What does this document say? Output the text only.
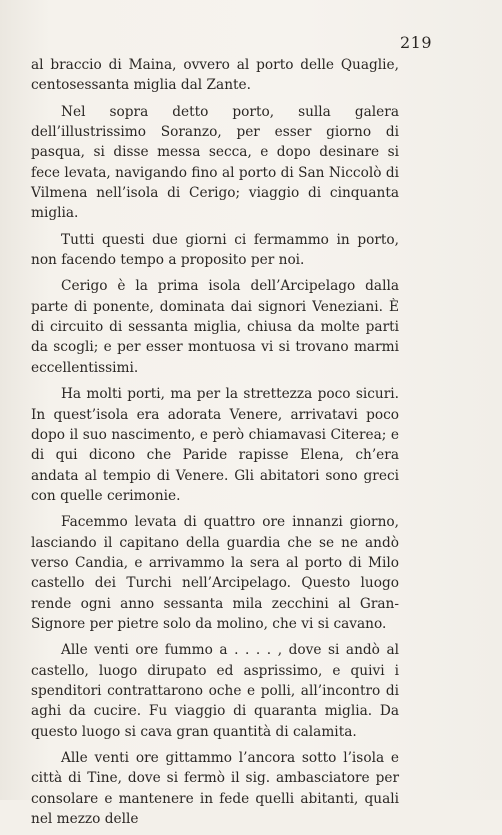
219

al braccio di Maina, ovvero al porto delle Quaglie, centosessanta miglia dal Zante.

Nel sopra detto porto, sulla galera dell’illustrissimo Soranzo, per esser giorno di pasqua, si disse messa secca, e dopo desinare si fece levata, navigando fino al porto di San Niccolò di Vilmena nell’isola di Cerigo; viaggio di cinquanta miglia.

Tutti questi due giorni ci fermammo in porto, non facendo tempo a proposito per noi.

Cerigo è la prima isola dell’Arcipelago dalla parte di ponente, dominata dai signori Veneziani. È di circuito di sessanta miglia, chiusa da molte parti da scogli; e per esser montuosa vi si trovano marmi eccellentissimi.

Ha molti porti, ma per la strettezza poco sicuri. In quest’isola era adorata Venere, arrivatavi poco dopo il suo nascimento, e però chiamavasi Citerea; e di qui dicono che Paride rapisse Elena, ch’era andata al tempio di Venere. Gli abitatori sono greci con quelle cerimonie.

Facemmo levata di quattro ore innanzi giorno, lasciando il capitano della guardia che se ne andò verso Candia, e arrivammo la sera al porto di Milo castello dei Turchi nell’Arcipelago. Questo luogo rende ogni anno sessanta mila zecchini al Gran-Signore per pietre solo da molino, che vi si cavano.

Alle venti ore fummo a . . . . , dove si andò al castello, luogo dirupato ed asprissimo, e quivi i spenditori contrattarono oche e polli, all’incontro di aghi da cucire. Fu viaggio di quaranta miglia. Da questo luogo si cava gran quantità di calamita.

Alle venti ore gittammo l’ancora sotto l’isola e città di Tine, dove si fermò il sig. ambasciatore per consolare e mantenere in fede quelli abitanti, quali nel mezzo delle
